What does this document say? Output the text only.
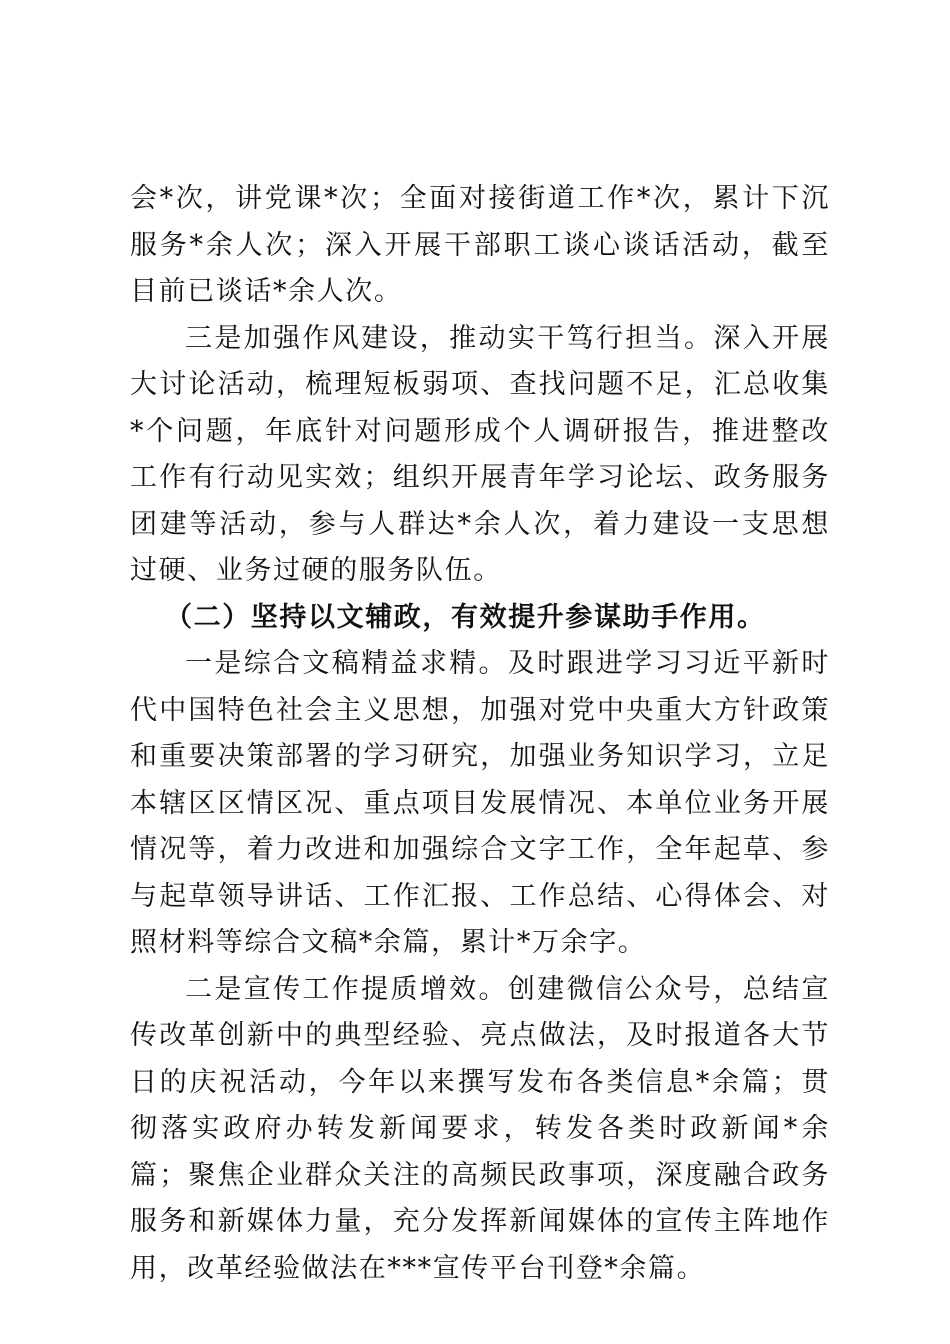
会*次，讲党课*次；全面对接街道工作*次，累计下沉服务*余人次；深入开展干部职工谈心谈话活动，截至目前已谈话*余人次。

三是加强作风建设，推动实干笃行担当。深入开展大讨论活动，梳理短板弱项、查找问题不足，汇总收集*个问题，年底针对问题形成个人调研报告，推进整改工作有行动见实效；组织开展青年学习论坛、政务服务团建等活动，参与人群达*余人次，着力建设一支思想过硬、业务过硬的服务队伍。

（二）坚持以文辅政，有效提升参谋助手作用。

一是综合文稿精益求精。及时跟进学习习近平新时代中国特色社会主义思想，加强对党中央重大方针政策和重要决策部署的学习研究，加强业务知识学习，立足本辖区区情区况、重点项目发展情况、本单位业务开展情况等，着力改进和加强综合文字工作，全年起草、参与起草领导讲话、工作汇报、工作总结、心得体会、对照材料等综合文稿*余篇，累计*万余字。

二是宣传工作提质增效。创建微信公众号，总结宣传改革创新中的典型经验、亮点做法，及时报道各大节日的庆祝活动，今年以来撰写发布各类信息*余篇；贯彻落实政府办转发新闻要求，转发各类时政新闻*余篇；聚焦企业群众关注的高频民政事项，深度融合政务服务和新媒体力量，充分发挥新闻媒体的宣传主阵地作用，改革经验做法在***宣传平台刊登*余篇。
